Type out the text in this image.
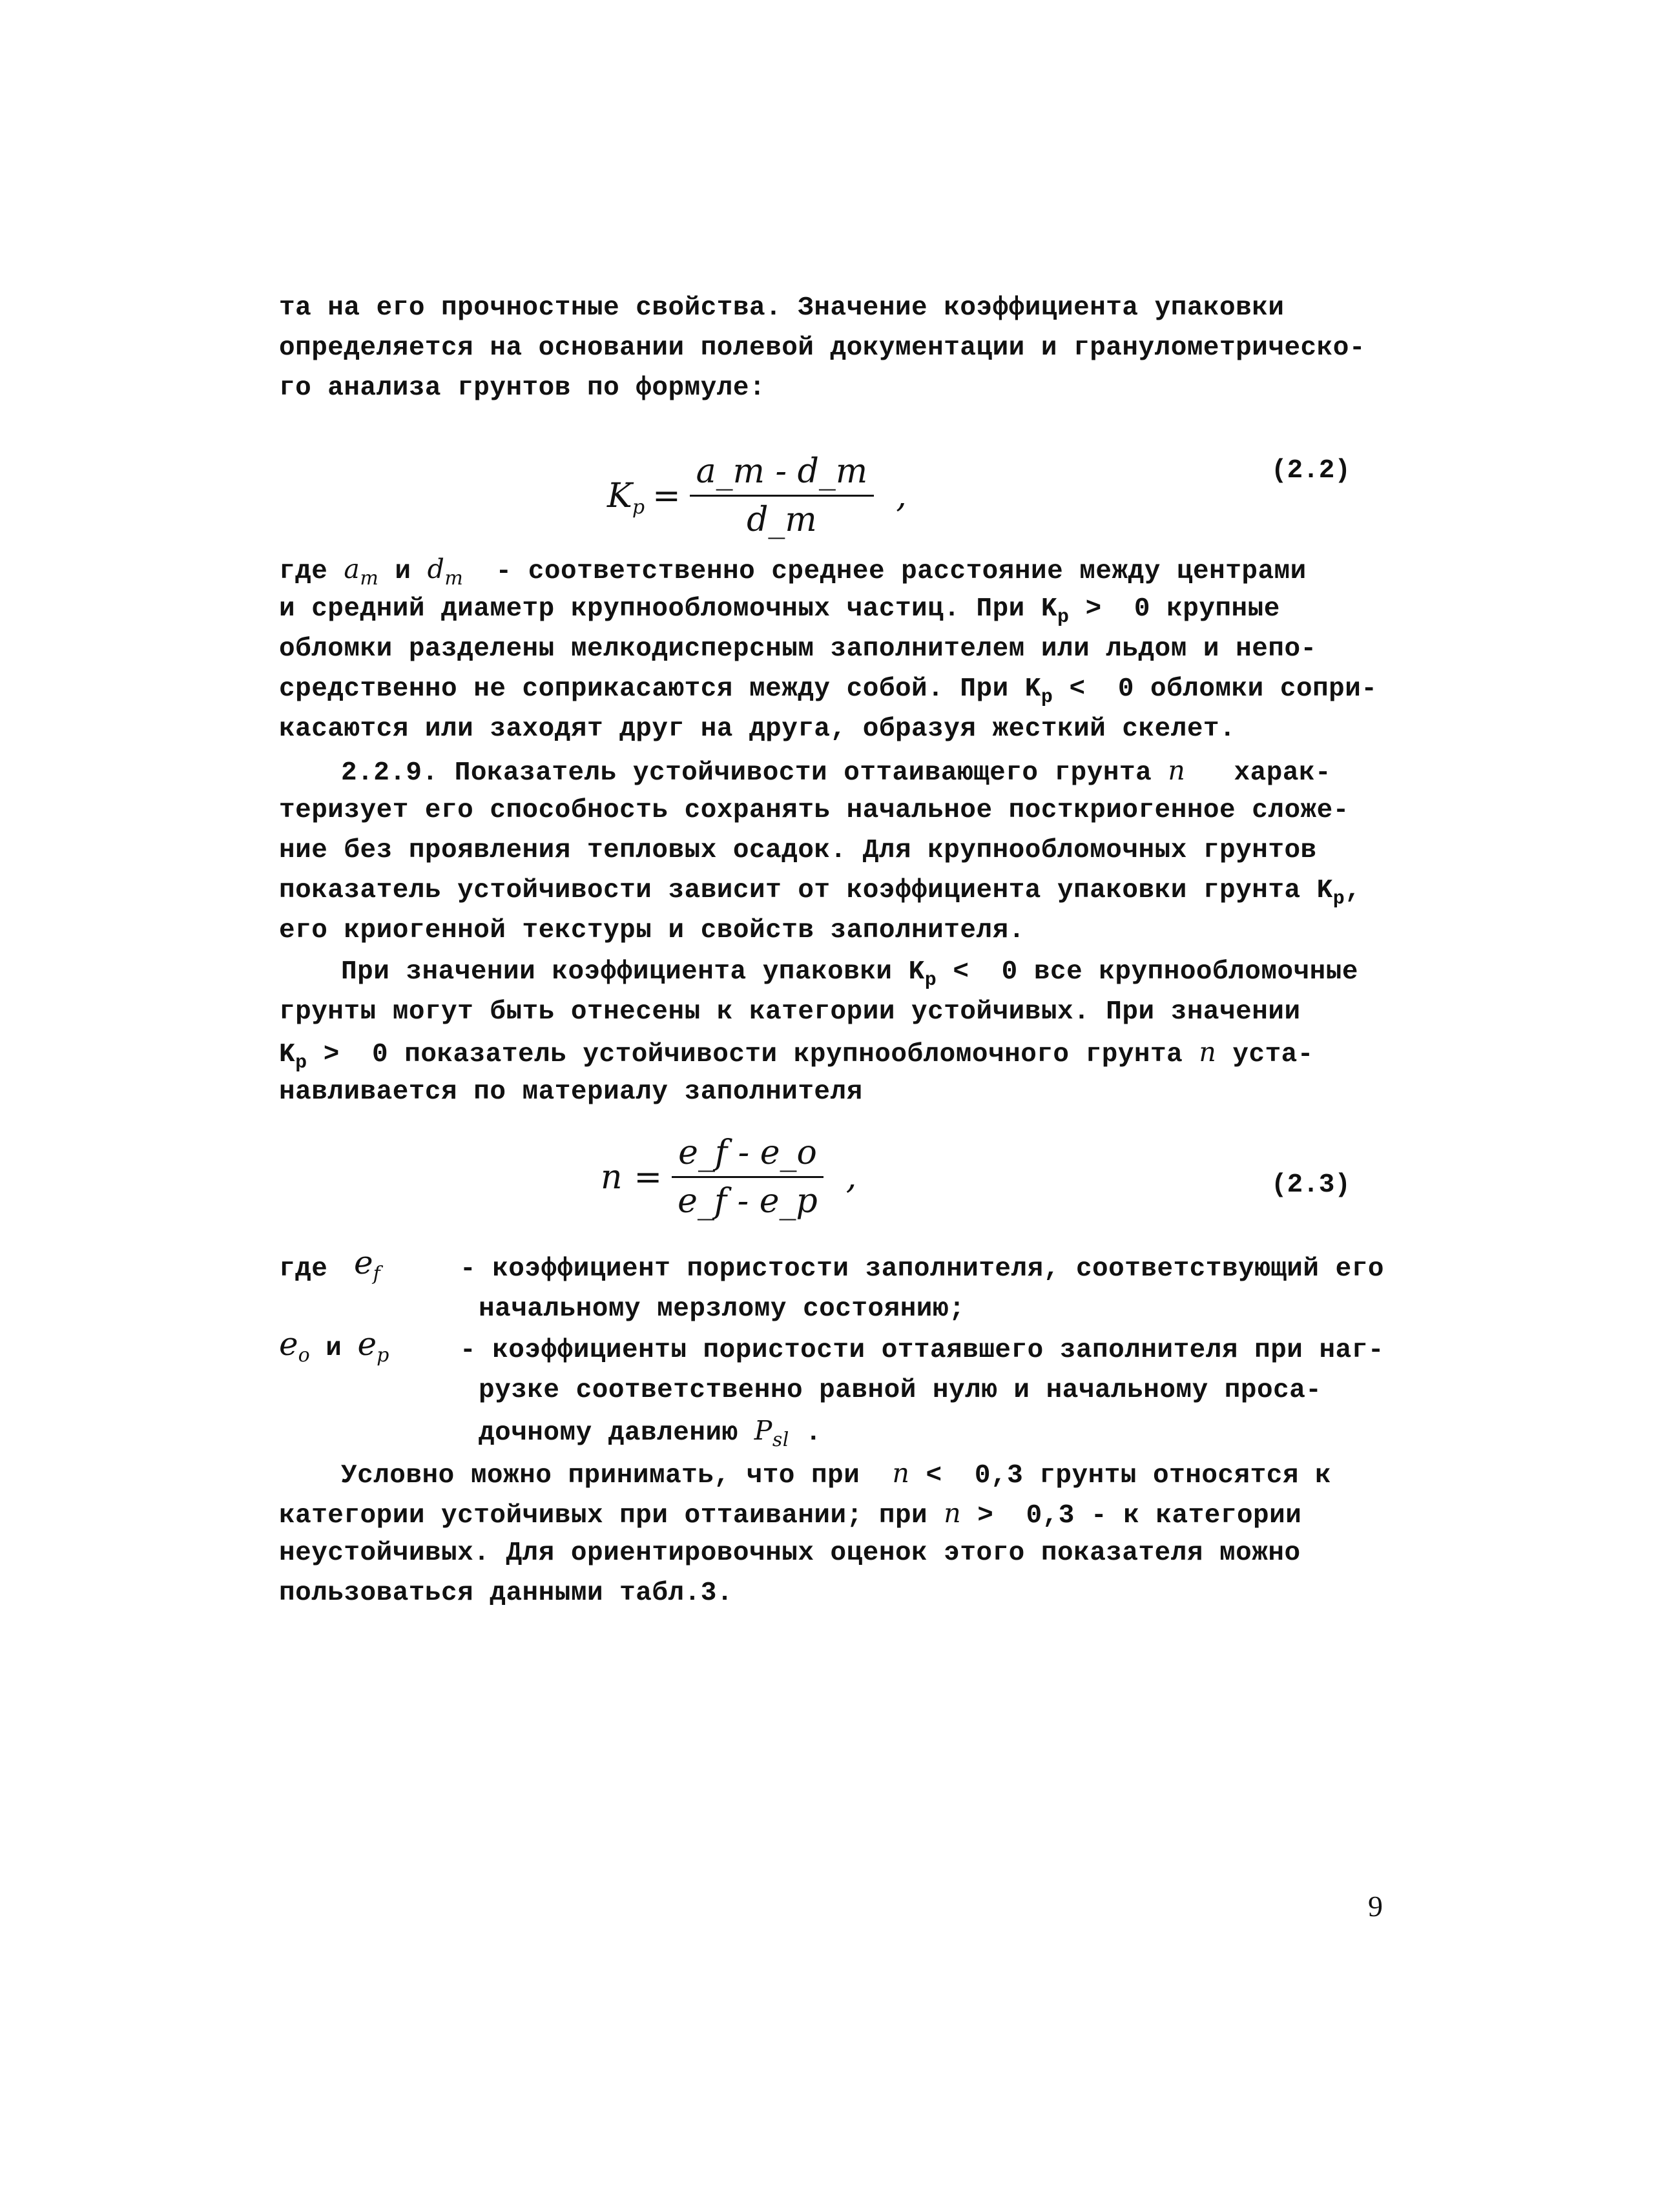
та на его прочностные свойства. Значение коэффициента упаковки
определяется на основании полевой документации и гранулометрическо-
го анализа грунтов по формуле:
$K_p = \frac{a\_m - d\_m}{d\_m}$ ,
(2.2)
где $a_m$ и $d_m$  - соответственно среднее расстояние между центрами
и средний диаметр крупнообломочных частиц. При $K_p > 0$ крупные
обломки разделены мелкодисперсным заполнителем или льдом и непо-
средственно не соприкасаются между собой. При $K_p < 0$ обломки сопри-
касаются или заходят друг на друга, образуя жесткий скелет.
2.2.9. Показатель устойчивости оттаивающего грунта n   харак-
теризует его способность сохранять начальное посткриогенное сложе-
ние без проявления тепловых осадок. Для крупнообломочных грунтов
показатель устойчивости зависит от коэффициента упаковки грунта $K_p$,
его криогенной текстуры и свойств заполнителя.
При значении коэффициента упаковки $K_p < 0$ все крупнообломочные
грунты могут быть отнесены к категории устойчивых. При значении
$K_p > 0$ показатель устойчивости крупнообломочного грунта n уста-
навливается по материалу заполнителя
$n = \frac{e\_f - e\_o}{e\_f - e\_p}$ ,	(2.3)
где $e_f$	- коэффициент пористости заполнителя, соответствующий его
начальному мерзлому состоянию;
$e_o$ и $e_p$	- коэффициенты пористости оттаявшего заполнителя при наг-
рузке соответственно равной нулю и начальному проса-
дочному давлению $P_{sl}$ .
Условно можно принимать, что при  n <  0,3 грунты относятся к
категории устойчивых при оттаивании; при n >  0,3 - к категории
неустойчивых. Для ориентировочных оценок этого показателя можно
пользоваться данными табл.3.
9
